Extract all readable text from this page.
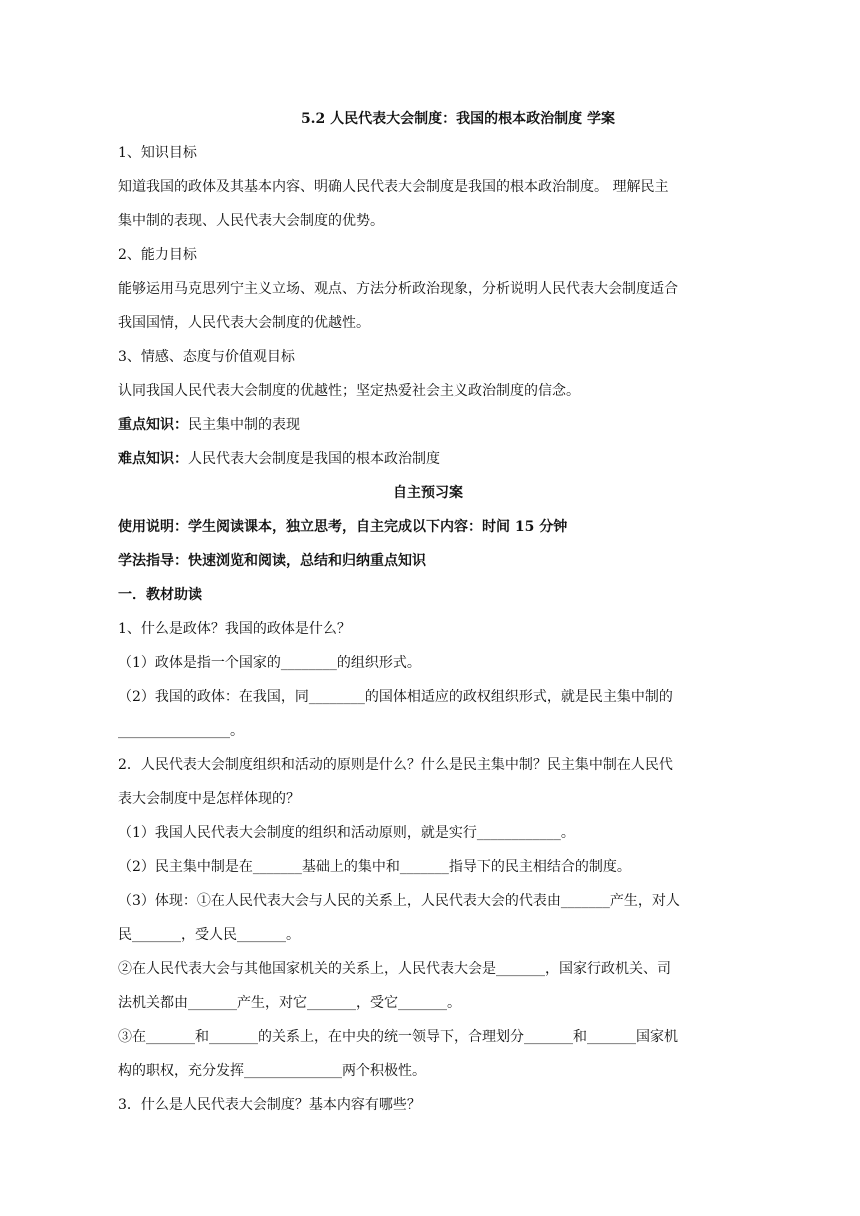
5.2 人民代表大会制度：我国的根本政治制度 学案
1、知识目标
知道我国的政体及其基本内容、明确人民代表大会制度是我国的根本政治制度。 理解民主
集中制的表现、人民代表大会制度的优势。
2、能力目标
能够运用马克思列宁主义立场、观点、方法分析政治现象，分析说明人民代表大会制度适合
我国国情，人民代表大会制度的优越性。
3、情感、态度与价值观目标
认同我国人民代表大会制度的优越性；坚定热爱社会主义政治制度的信念。
重点知识：民主集中制的表现
难点知识：人民代表大会制度是我国的根本政治制度
自主预习案
使用说明：学生阅读课本，独立思考，自主完成以下内容：时间 15 分钟
学法指导：快速浏览和阅读，总结和归纳重点知识
一．教材助读
1、什么是政体？我国的政体是什么？
（1）政体是指一个国家的________的组织形式。
（2）我国的政体：在我国，同________的国体相适应的政权组织形式，就是民主集中制的
________________。
2．人民代表大会制度组织和活动的原则是什么？什么是民主集中制？民主集中制在人民代
表大会制度中是怎样体现的？
（1）我国人民代表大会制度的组织和活动原则，就是实行____________。
（2）民主集中制是在_______基础上的集中和_______指导下的民主相结合的制度。
（3）体现：①在人民代表大会与人民的关系上，人民代表大会的代表由_______产生，对人
民_______，受人民_______。
②在人民代表大会与其他国家机关的关系上，人民代表大会是_______，国家行政机关、司
法机关都由_______产生，对它_______，受它_______。
③在_______和_______的关系上，在中央的统一领导下，合理划分_______和_______国家机
构的职权，充分发挥______________两个积极性。
3．什么是人民代表大会制度？基本内容有哪些？
